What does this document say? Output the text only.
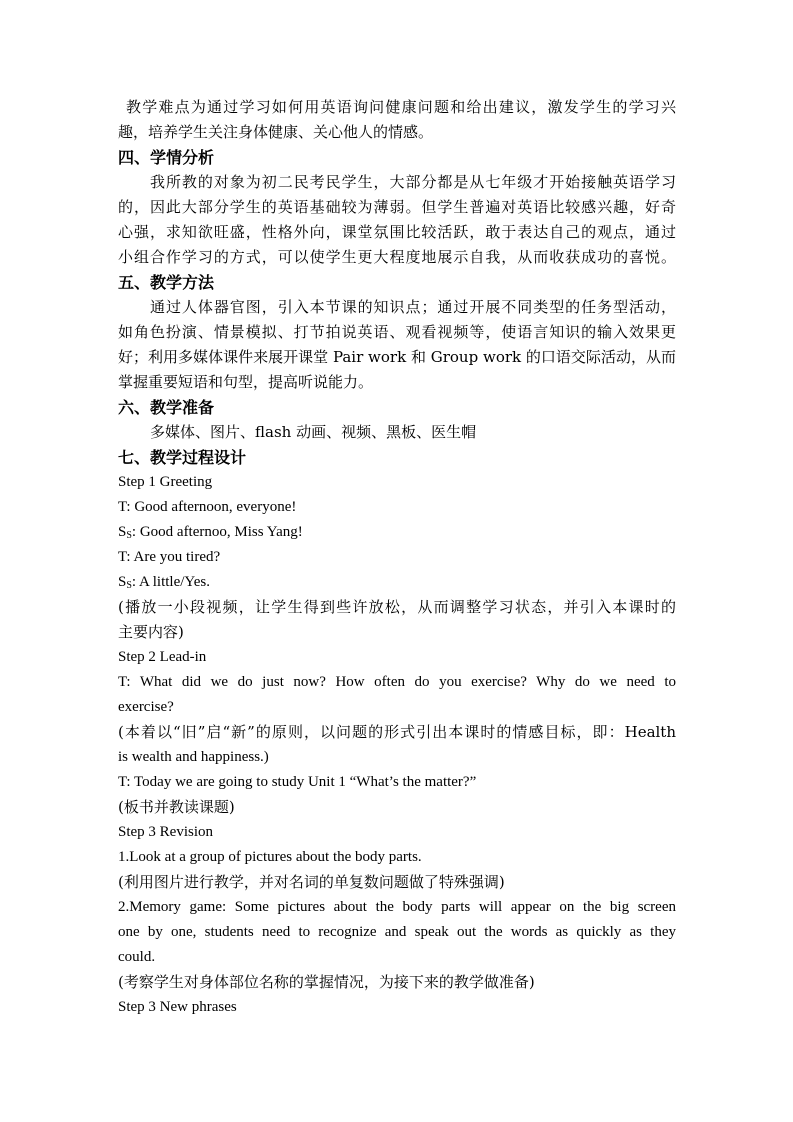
教学难点为通过学习如何用英语询问健康问题和给出建议，激发学生的学习兴
趣，培养学生关注身体健康、关心他人的情感。
四、学情分析
我所教的对象为初二民考民学生，大部分都是从七年级才开始接触英语学习
的，因此大部分学生的英语基础较为薄弱。但学生普遍对英语比较感兴趣，好奇
心强，求知欲旺盛，性格外向，课堂氛围比较活跃，敢于表达自己的观点，通过
小组合作学习的方式，可以使学生更大程度地展示自我，从而收获成功的喜悦。
五、教学方法
通过人体器官图，引入本节课的知识点；通过开展不同类型的任务型活动，
如角色扮演、情景模拟、打节拍说英语、观看视频等，使语言知识的输入效果更
好；利用多媒体课件来展开课堂 Pair work 和 Group work 的口语交际活动，从而
掌握重要短语和句型，提高听说能力。
六、教学准备
多媒体、图片、flash 动画、视频、黑板、医生帽
七、教学过程设计
Step 1 Greeting
T: Good afternoon, everyone!
$S_S$: Good afternoo, Miss Yang!
T: Are you tired?
$S_S$: A little/Yes.
(播放一小段视频，让学生得到些许放松，从而调整学习状态，并引入本课时的
主要内容)
Step 2 Lead-in
T: What did we do just now? How often do you exercise? Why do we need to
exercise?
(本着以“旧”启“新”的原则，以问题的形式引出本课时的情感目标，即：Health
is wealth and happiness.)
T: Today we are going to study Unit 1 “What’s the matter?”
(板书并教读课题)
Step 3 Revision
1.Look at a group of pictures about the body parts.
(利用图片进行教学，并对名词的单复数问题做了特殊强调)
2.Memory game: Some pictures about the body parts will appear on the big screen
one by one, students need to recognize and speak out the words as quickly as they
could.
(考察学生对身体部位名称的掌握情况，为接下来的教学做准备)
Step 3 New phrases
